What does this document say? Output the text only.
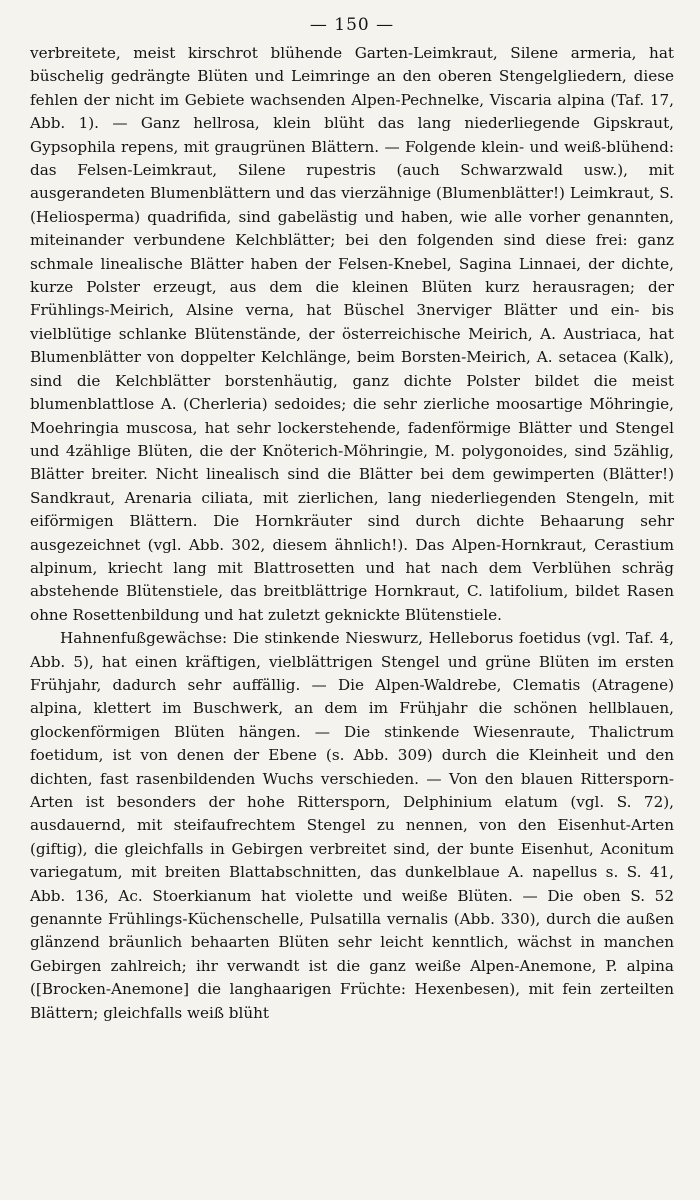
— 150 —

verbreitete, meist kirschrot blühende Garten-Leimkraut, Silene armeria, hat büschelig gedrängte Blüten und Leimringe an den oberen Stengelgliedern, diese fehlen der nicht im Gebiete wachsenden Alpen-Pechnelke, Viscaria alpina (Taf. 17, Abb. 1). — Ganz hellrosa, klein blüht das lang niederliegende Gipskraut, Gypsophila repens, mit graugrünen Blättern. — Folgende klein- und weiß-blühend: das Felsen-Leimkraut, Silene rupestris (auch Schwarzwald usw.), mit ausgerandeten Blumenblättern und das vierzähnige (Blumenblätter!) Leimkraut, S. (Heliosperma) quadrifida, sind gabelästig und haben, wie alle vorher genannten, miteinander verbundene Kelchblätter; bei den folgenden sind diese frei: ganz schmale linealische Blätter haben der Felsen-Knebel, Sagina Linnaei, der dichte, kurze Polster erzeugt, aus dem die kleinen Blüten kurz herausragen; der Frühlings-Meirich, Alsine verna, hat Büschel 3nerviger Blätter und ein- bis vielblütige schlanke Blütenstände, der österreichische Meirich, A. Austriaca, hat Blumenblätter von doppelter Kelchlänge, beim Borsten-Meirich, A. setacea (Kalk), sind die Kelchblätter borstenhäutig, ganz dichte Polster bildet die meist blumenblattlose A. (Cherleria) sedoides; die sehr zierliche moosartige Möhringie, Moehringia muscosa, hat sehr lockerstehende, fadenförmige Blätter und Stengel und 4zählige Blüten, die der Knöterich-Möhringie, M. polygonoides, sind 5zählig, Blätter breiter. Nicht linealisch sind die Blätter bei dem gewimperten (Blätter!) Sandkraut, Arenaria ciliata, mit zierlichen, lang niederliegenden Stengeln, mit eiförmigen Blättern. Die Hornkräuter sind durch dichte Behaarung sehr ausgezeichnet (vgl. Abb. 302, diesem ähnlich!). Das Alpen-Hornkraut, Cerastium alpinum, kriecht lang mit Blattrosetten und hat nach dem Verblühen schräg abstehende Blütenstiele, das breitblättrige Hornkraut, C. latifolium, bildet Rasen ohne Rosettenbildung und hat zuletzt geknickte Blütenstiele.

Hahnenfußgewächse: Die stinkende Nieswurz, Helleborus foetidus (vgl. Taf. 4, Abb. 5), hat einen kräftigen, vielblättrigen Stengel und grüne Blüten im ersten Frühjahr, dadurch sehr auffällig. — Die Alpen-Waldrebe, Clematis (Atragene) alpina, klettert im Buschwerk, an dem im Frühjahr die schönen hellblauen, glockenförmigen Blüten hängen. — Die stinkende Wiesenraute, Thalictrum foetidum, ist von denen der Ebene (s. Abb. 309) durch die Kleinheit und den dichten, fast rasenbildenden Wuchs verschieden. — Von den blauen Rittersporn-Arten ist besonders der hohe Rittersporn, Delphinium elatum (vgl. S. 72), ausdauernd, mit steifaufrechtem Stengel zu nennen, von den Eisenhut-Arten (giftig), die gleichfalls in Gebirgen verbreitet sind, der bunte Eisenhut, Aconitum variegatum, mit breiten Blattabschnitten, das dunkelblaue A. napellus s. S. 41, Abb. 136, Ac. Stoerkianum hat violette und weiße Blüten. — Die oben S. 52 genannte Frühlings-Küchenschelle, Pulsatilla vernalis (Abb. 330), durch die außen glänzend bräunlich behaarten Blüten sehr leicht kenntlich, wächst in manchen Gebirgen zahlreich; ihr verwandt ist die ganz weiße Alpen-Anemone, P. alpina ([Brocken-Anemone] die langhaarigen Früchte: Hexenbesen), mit fein zerteilten Blättern; gleichfalls weiß blüht
